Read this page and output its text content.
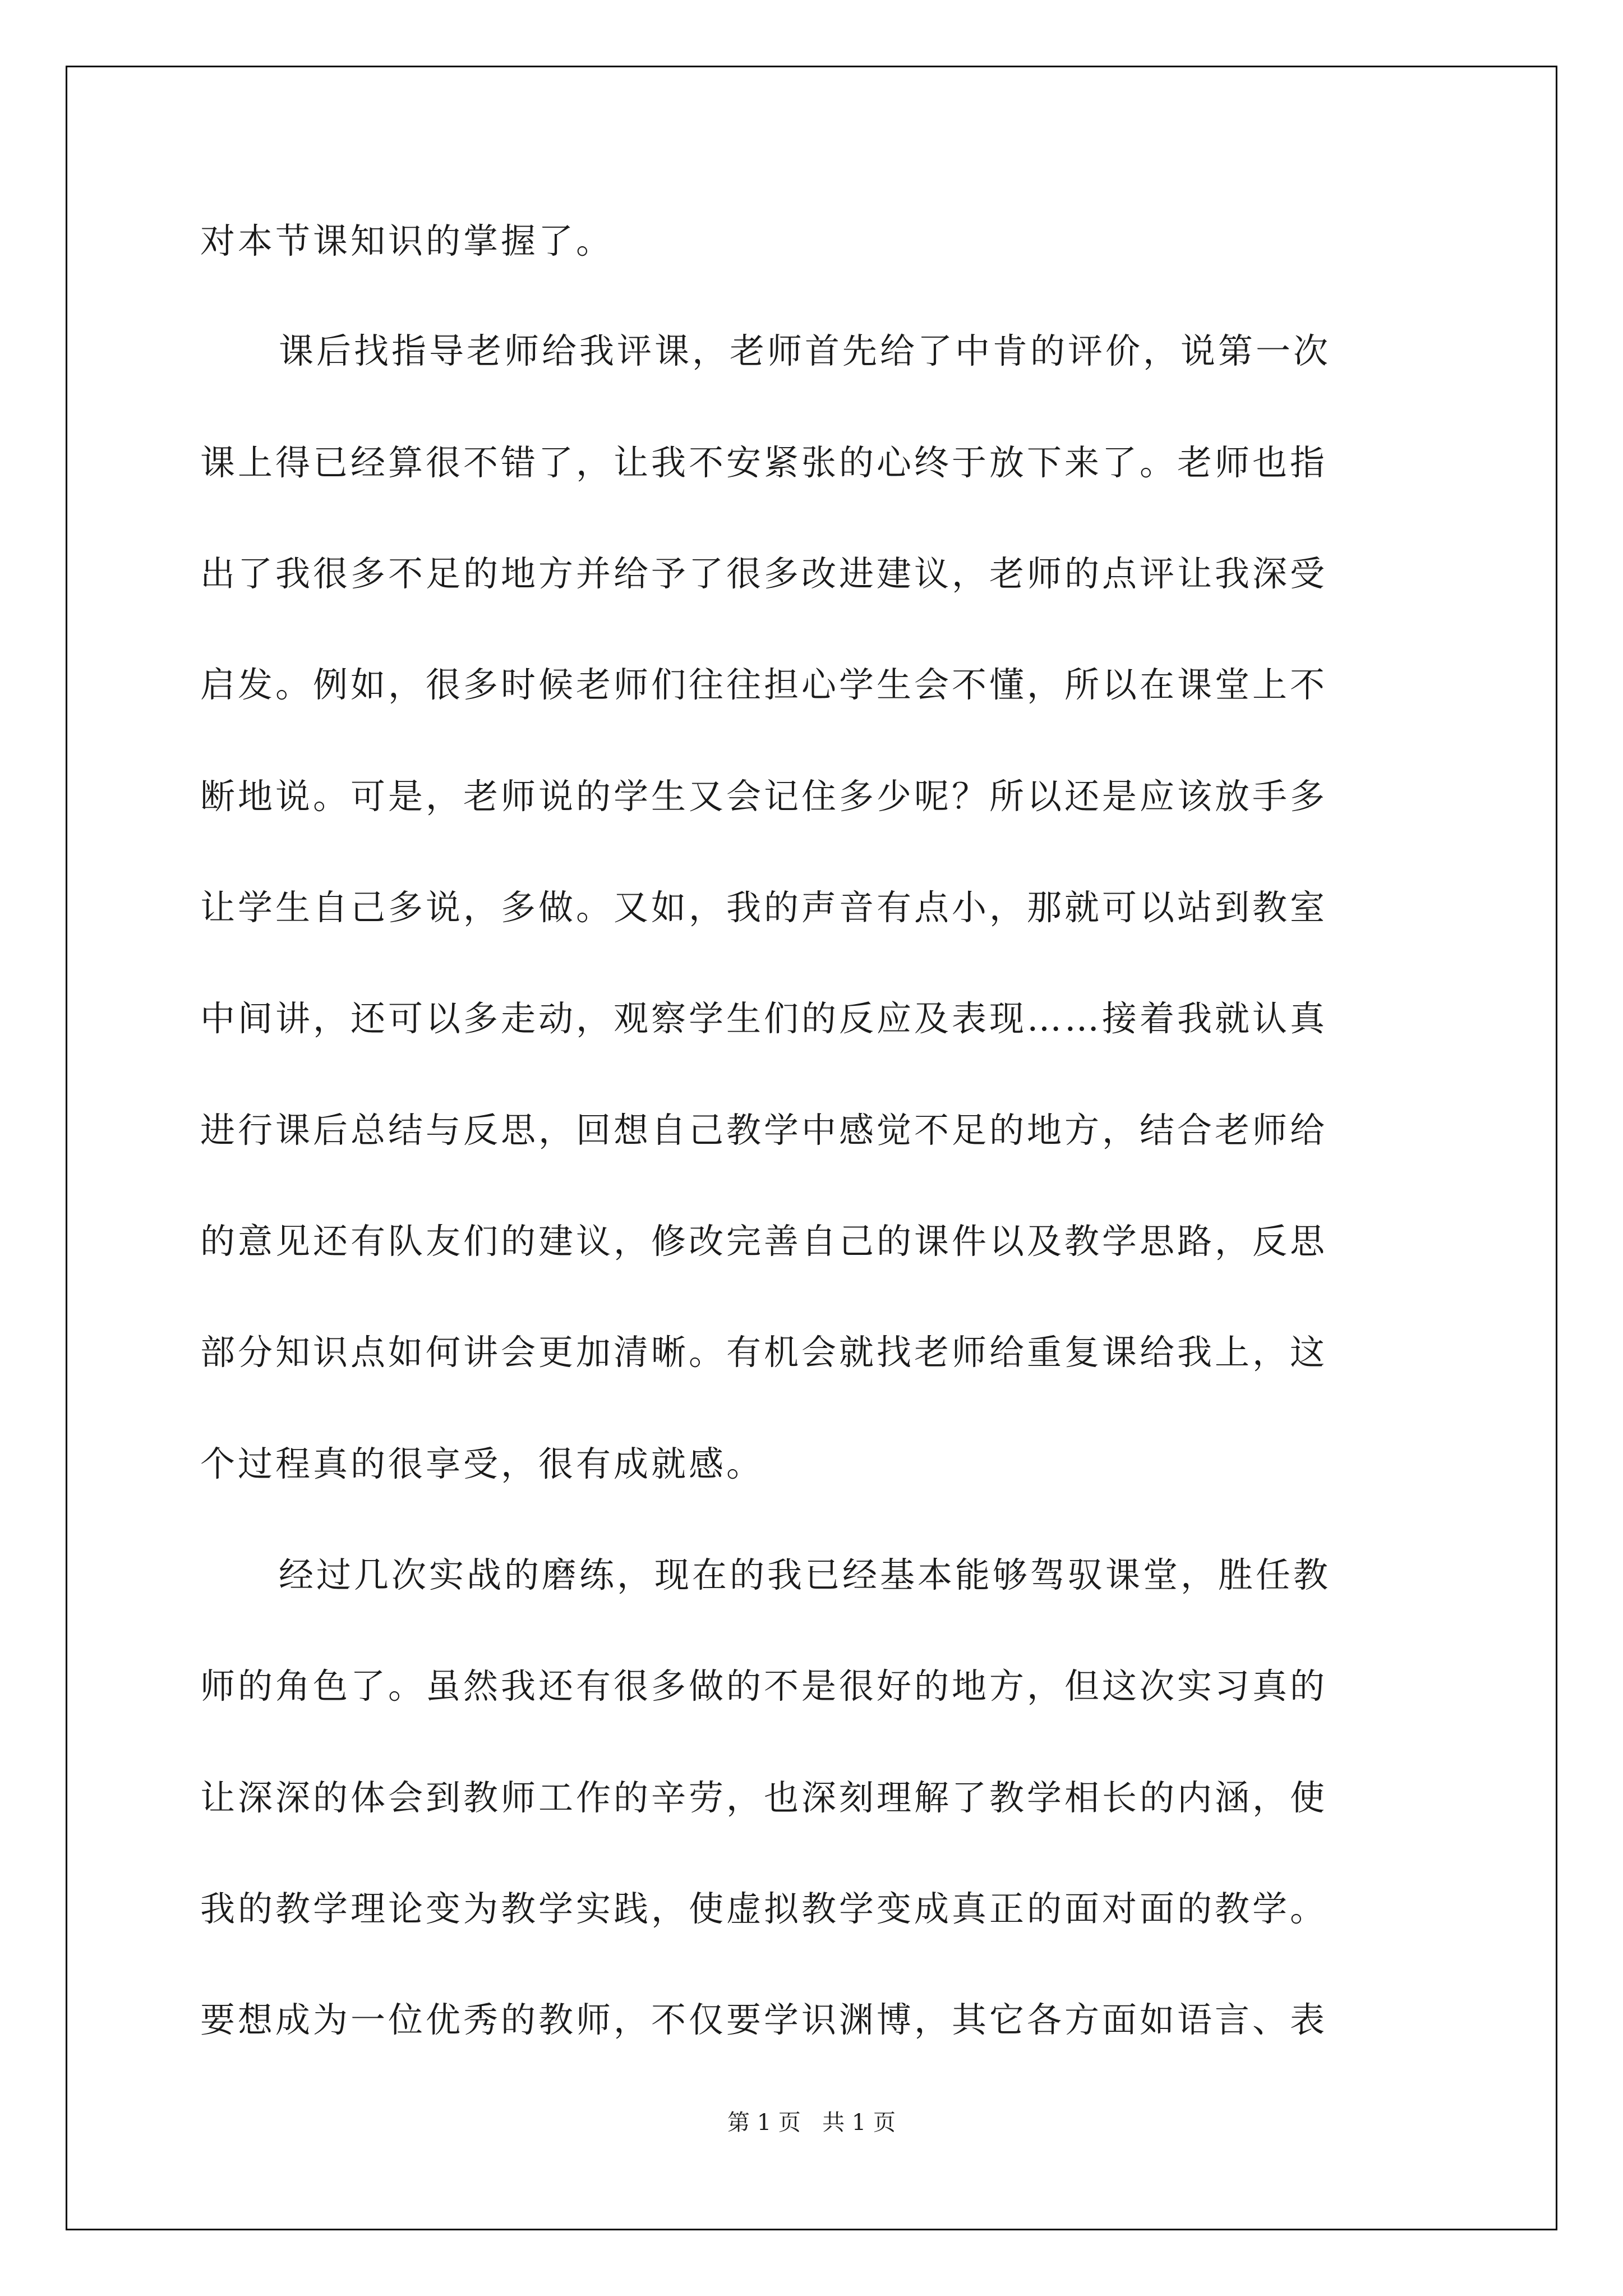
对本节课知识的掌握了。
课后找指导老师给我评课，老师首先给了中肯的评价，说第一次
课上得已经算很不错了，让我不安紧张的心终于放下来了。老师也指
出了我很多不足的地方并给予了很多改进建议，老师的点评让我深受
启发。例如，很多时候老师们往往担心学生会不懂，所以在课堂上不
断地说。可是，老师说的学生又会记住多少呢？所以还是应该放手多
让学生自己多说，多做。又如，我的声音有点小，那就可以站到教室
中间讲，还可以多走动，观察学生们的反应及表现……接着我就认真
进行课后总结与反思，回想自己教学中感觉不足的地方，结合老师给
的意见还有队友们的建议，修改完善自己的课件以及教学思路，反思
部分知识点如何讲会更加清晰。有机会就找老师给重复课给我上，这
个过程真的很享受，很有成就感。
经过几次实战的磨练，现在的我已经基本能够驾驭课堂，胜任教
师的角色了。虽然我还有很多做的不是很好的地方，但这次实习真的
让深深的体会到教师工作的辛劳，也深刻理解了教学相长的内涵，使
我的教学理论变为教学实践，使虚拟教学变成真正的面对面的教学。
要想成为一位优秀的教师，不仅要学识渊博，其它各方面如语言、表
第 1 页   共 1 页
